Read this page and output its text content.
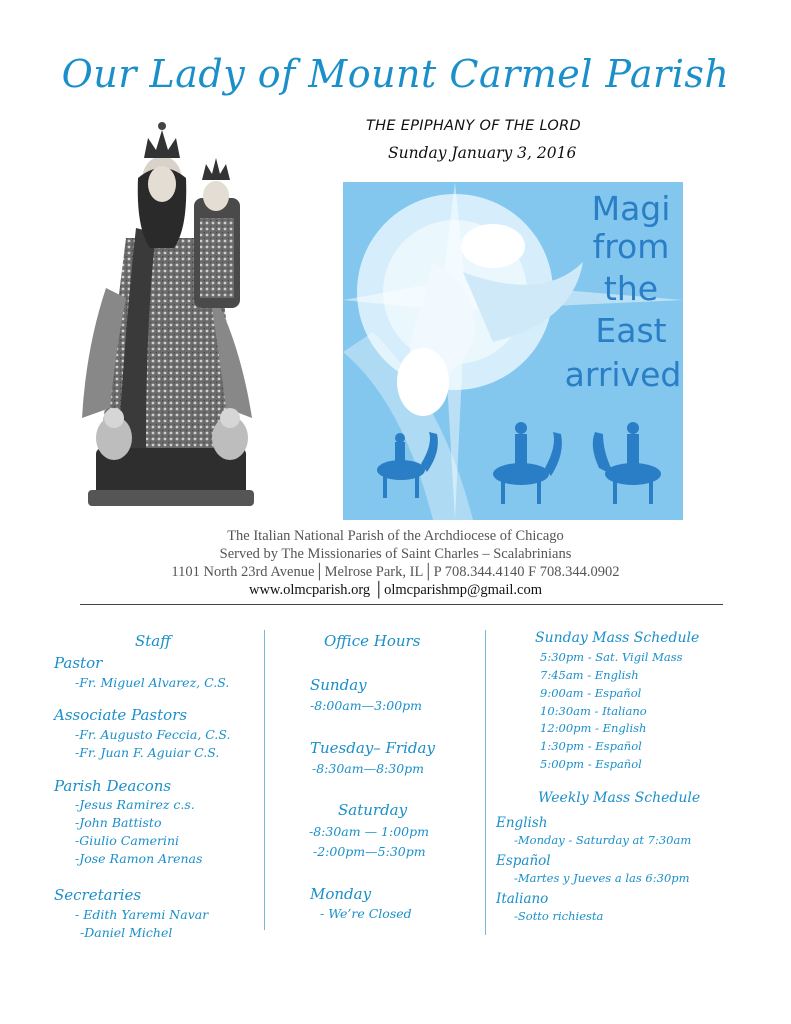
Our Lady of Mount Carmel Parish
THE EPIPHANY OF THE LORD
Sunday January 3, 2016
Magi
from
the
East
arrived
The Italian National Parish of the Archdiocese of Chicago
Served by The Missionaries of Saint Charles – Scalabrinians
1101 North 23rd Avenue│Melrose Park, IL│P 708.344.4140 F 708.344.0902
www.olmcparish.org │olmcparishmp@gmail.com
Staff
Pastor
-Fr. Miguel Alvarez, C.S.
Associate Pastors
-Fr. Augusto Feccia, C.S.
-Fr. Juan F. Aguiar C.S.
Parish Deacons
-Jesus Ramirez c.s.
-John Battisto
-Giulio Camerini
-Jose Ramon Arenas
Secretaries
- Edith Yaremi Navar
-Daniel Michel
Office Hours
Sunday
-8:00am—3:00pm
Tuesday– Friday
-8:30am—8:30pm
Saturday
-8:30am — 1:00pm
-2:00pm—5:30pm
Monday
- We’re Closed
Sunday Mass Schedule
5:30pm - Sat. Vigil Mass
7:45am - English
9:00am - Español
10:30am - Italiano
12:00pm - English
1:30pm - Español
5:00pm - Español
Weekly Mass Schedule
English
-Monday - Saturday at 7:30am
Español
-Martes y Jueves a las 6:30pm
Italiano
-Sotto richiesta
